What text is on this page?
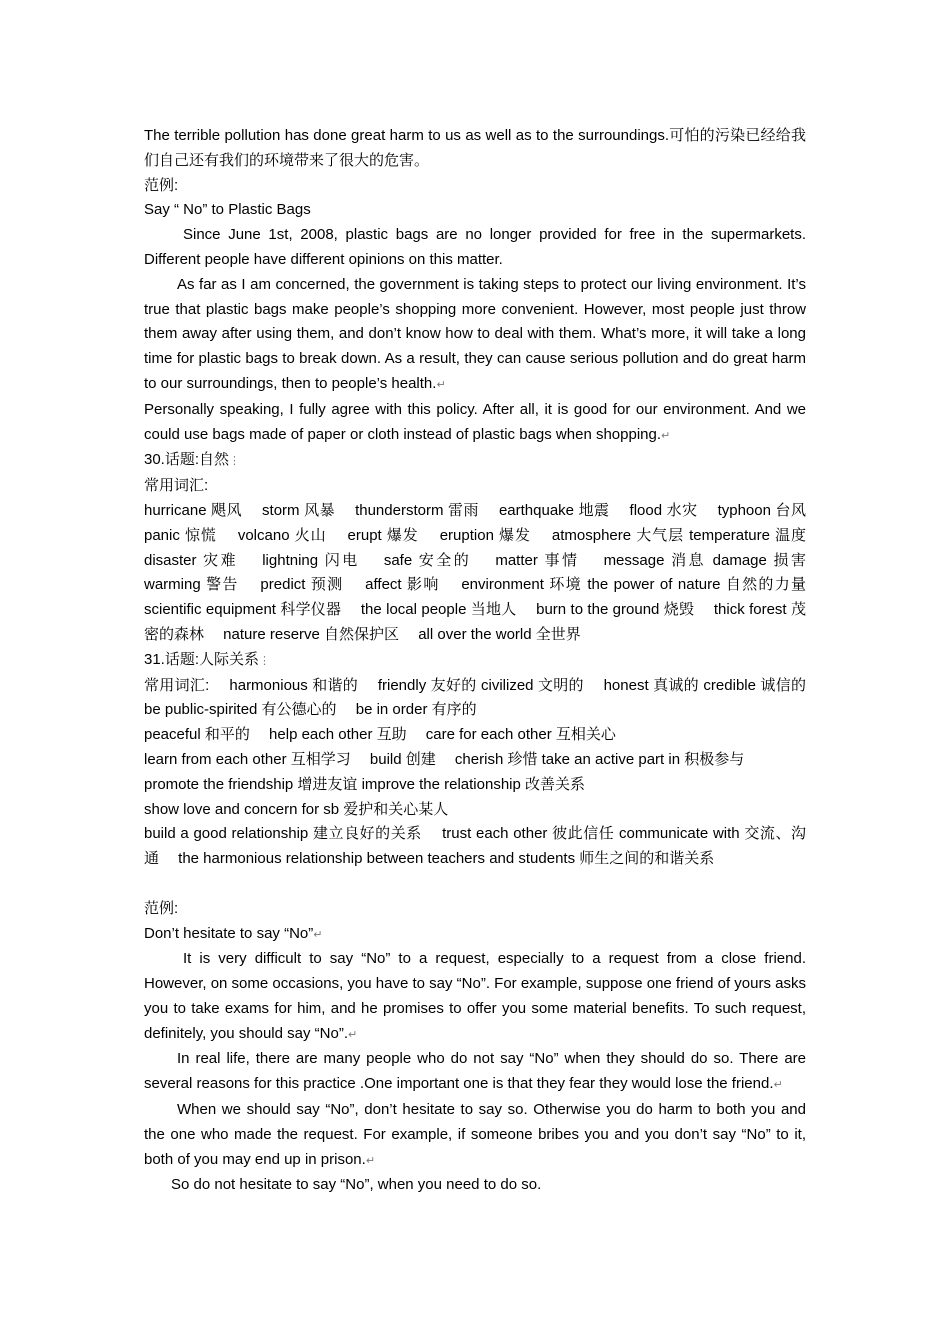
The terrible pollution has done great harm to us as well as to the surroundings.可怕的污染已经给我们自己还有我们的环境带来了很大的危害。

范例:

Say “ No” to Plastic Bags

Since June 1st, 2008, plastic bags are no longer provided for free in the supermarkets. Different people have different opinions on this matter.

As far as I am concerned, the government is taking steps to protect our living environment. It’s true that plastic bags make people’s shopping more convenient. However, most people just throw them away after using them, and don’t know how to deal with them. What’s more, it will take a long time for plastic bags to break down. As a result, they can cause serious pollution and do great harm to our surroundings, then to people’s health.↵

Personally speaking, I fully agree with this policy. After all, it is good for our environment. And we could use bags made of paper or cloth instead of plastic bags when shopping.↵

30.话题:自然⋮

常用词汇:

hurricane 飓风　 storm 风暴　 thunderstorm 雷雨　 earthquake 地震　 flood 水灾　 typhoon 台风　 panic 惊慌　 volcano 火山　 erupt 爆发　 eruption 爆发　 atmosphere 大气层 temperature 温度　 disaster 灾难　 lightning 闪电　 safe 安全的　 matter 事情　 message 消息 damage 损害　 warming 警告　 predict 预测　 affect 影响　 environment 环境 the power of nature 自然的力量　 scientific equipment 科学仪器　 the local people 当地人　 burn to the ground 烧毁　 thick forest 茂密的森林　 nature reserve 自然保护区　 all over the world 全世界

31.话题:人际关系⋮

常用词汇:　 harmonious 和谐的　 friendly 友好的 civilized 文明的　 honest 真诚的 credible 诚信的　 be public-spirited 有公德心的　 be in order 有序的

peaceful 和平的　 help each other 互助　 care for each other 互相关心

learn from each other 互相学习　 build 创建　 cherish 珍惜 take an active part in 积极参与

promote the friendship 增进友谊 improve the relationship 改善关系

show love and concern for sb 爱护和关心某人

build a good relationship 建立良好的关系　 trust each other 彼此信任 communicate with 交流、沟通　 the harmonious relationship between teachers and students 师生之间的和谐关系

范例:

Don’t hesitate to say “No”↵

It is very difficult to say “No” to a request, especially to a request from a close friend. However, on some occasions, you have to say “No”. For example, suppose one friend of yours asks you to take exams for him, and he promises to offer you some material benefits. To such request, definitely, you should say “No”.↵

In real life, there are many people who do not say “No” when they should do so. There are several reasons for this practice .One important one is that they fear they would lose the friend.↵

When we should say “No”, don’t hesitate to say so. Otherwise you do harm to both you and the one who made the request. For example, if someone bribes you and you don’t say “No” to it, both of you may end up in prison.↵

So do not hesitate to say “No”, when you need to do so.
